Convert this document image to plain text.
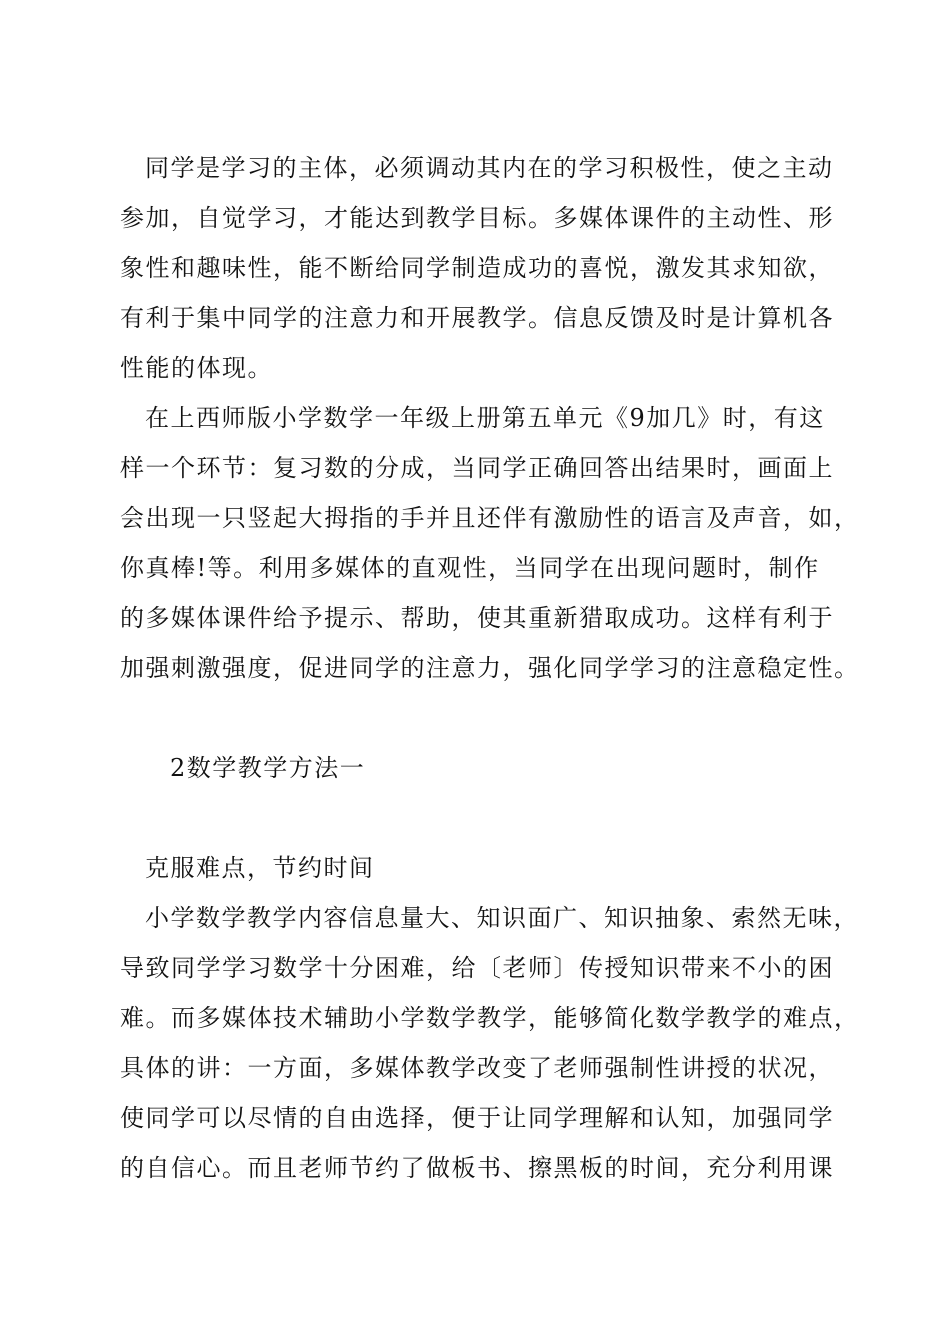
同学是学习的主体，必须调动其内在的学习积极性，使之主动
参加，自觉学习，才能达到教学目标。多媒体课件的主动性、形
象性和趣味性，能不断给同学制造成功的喜悦，激发其求知欲，
有利于集中同学的注意力和开展教学。信息反馈及时是计算机各
性能的体现。
在上西师版小学数学一年级上册第五单元《9加几》时，有这
样一个环节：复习数的分成，当同学正确回答出结果时，画面上
会出现一只竖起大拇指的手并且还伴有激励性的语言及声音，如，
你真棒!等。利用多媒体的直观性，当同学在出现问题时，制作
的多媒体课件给予提示、帮助，使其重新猎取成功。这样有利于
加强刺激强度，促进同学的注意力，强化同学学习的注意稳定性。
2数学教学方法一
克服难点，节约时间
小学数学教学内容信息量大、知识面广、知识抽象、索然无味，
导致同学学习数学十分困难，给〔老师〕传授知识带来不小的困
难。而多媒体技术辅助小学数学教学，能够简化数学教学的难点，
具体的讲：一方面，多媒体教学改变了老师强制性讲授的状况，
使同学可以尽情的自由选择，便于让同学理解和认知，加强同学
的自信心。而且老师节约了做板书、擦黑板的时间，充分利用课
